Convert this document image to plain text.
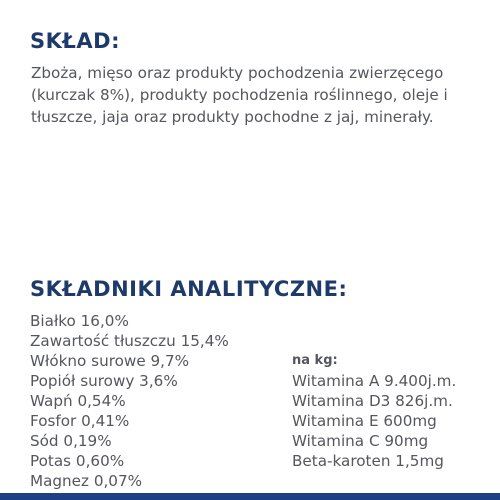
SKŁAD:

Zboża, mięso oraz produkty pochodzenia zwierzęcego (kurczak 8%), produkty pochodzenia roślinnego, oleje i tłuszcze, jaja oraz produkty pochodne z jaj, minerały.

SKŁADNIKI ANALITYCZNE:
Białko 16,0%
Zawartość tłuszczu 15,4%
Włókno surowe 9,7%
Popiół surowy 3,6%
Wapń 0,54%
Fosfor 0,41%
Sód 0,19%
Potas 0,60%
Magnez 0,07%
na kg:
Witamina A 9.400j.m.
Witamina D3 826j.m.
Witamina E 600mg
Witamina C 90mg
Beta-karoten 1,5mg
